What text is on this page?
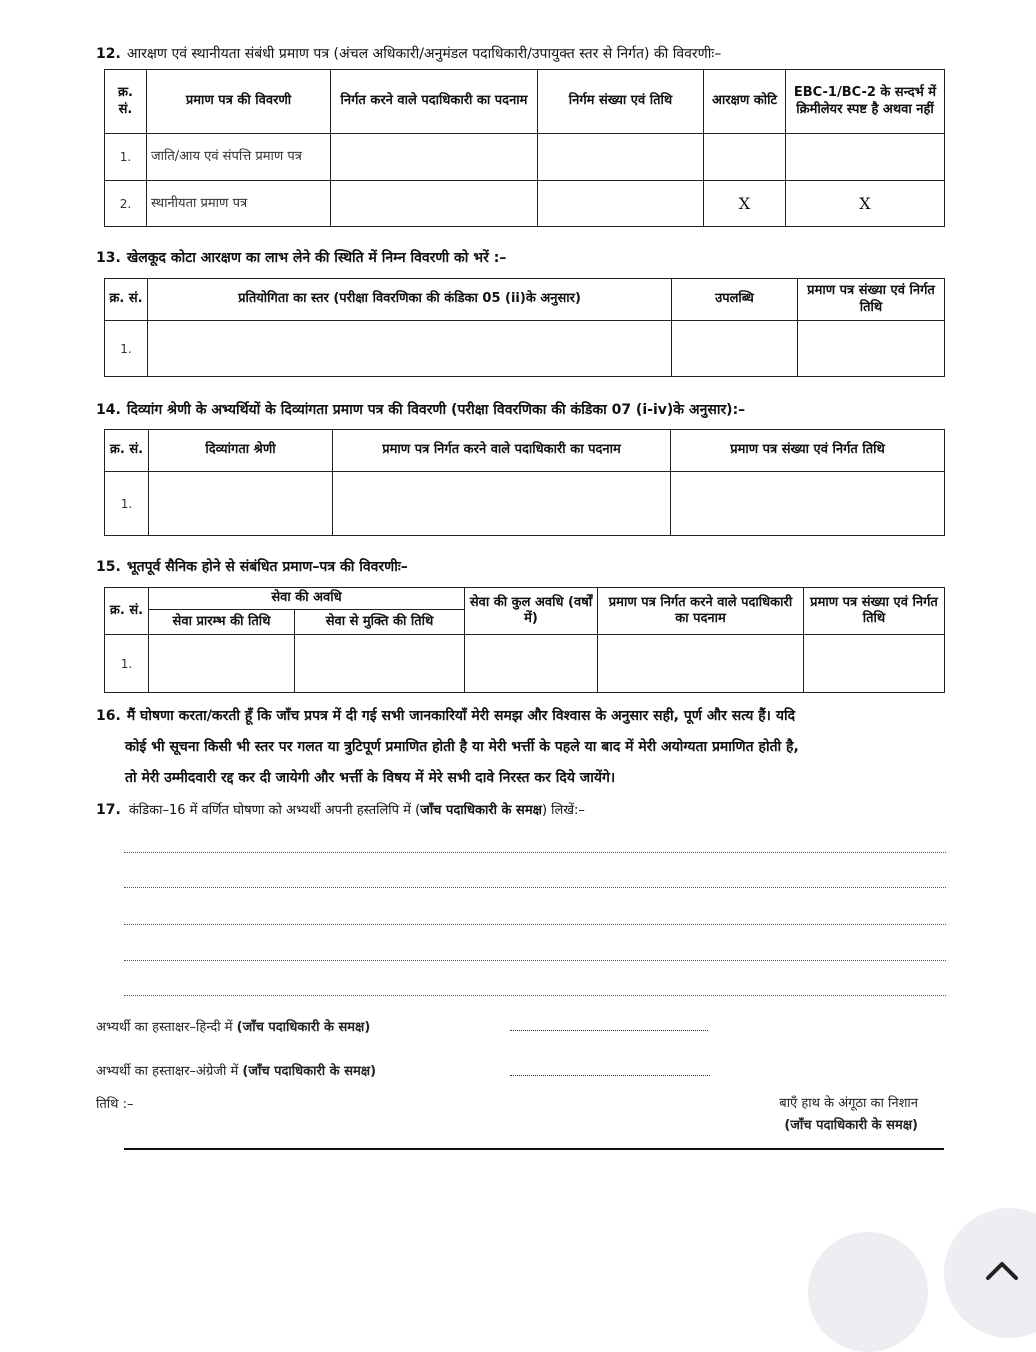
12. आरक्षण एवं स्थानीयता संबंधी प्रमाण पत्र (अंचल अधिकारी/अनुमंडल पदाधिकारी/उपायुक्त स्तर से निर्गत) की विवरणीः–
क्र. सं.	प्रमाण पत्र की विवरणी	निर्गत करने वाले पदाधिकारी का पदनाम	निर्गम संख्या एवं तिथि	आरक्षण कोटि	EBC-1/BC-2 के सन्दर्भ में क्रिमीलेयर स्पष्ट है अथवा नहीं
1.	जाति/आय एवं संपत्ति प्रमाण पत्र				
2.	स्थानीयता प्रमाण पत्र			X	X
13. खेलकूद कोटा आरक्षण का लाभ लेने की स्थिति में निम्न विवरणी को भरें :–
क्र. सं.	प्रतियोगिता का स्तर (परीक्षा विवरणिका की कंडिका 05 (ii)के अनुसार)	उपलब्धि	प्रमाण पत्र संख्या एवं निर्गत तिथि
1.			
14. दिव्यांग श्रेणी के अभ्यर्थियों के दिव्यांगता प्रमाण पत्र की विवरणी (परीक्षा विवरणिका की कंडिका 07 (i-iv)के अनुसार):–
क्र. सं.	दिव्यांगता श्रेणी	प्रमाण पत्र निर्गत करने वाले पदाधिकारी का पदनाम	प्रमाण पत्र संख्या एवं निर्गत तिथि
1.			
15. भूतपूर्व सैनिक होने से संबंधित प्रमाण–पत्र की विवरणीः–
क्र. सं.	सेवा की अवधि		सेवा की कुल अवधि (वर्षों में)	प्रमाण पत्र निर्गत करने वाले पदाधिकारी का पदनाम	प्रमाण पत्र संख्या एवं निर्गत तिथि
	सेवा प्रारम्भ की तिथि	सेवा से मुक्ति की तिथि			
1.					
16. मैं घोषणा करता/करती हूँ कि जाँच प्रपत्र में दी गई सभी जानकारियाँ मेरी समझ और विश्वास के अनुसार सही, पूर्ण और सत्य हैं। यदि
कोई भी सूचना किसी भी स्तर पर गलत या त्रुटिपूर्ण प्रमाणित होती है या मेरी भर्त्ती के पहले या बाद में मेरी अयोग्यता प्रमाणित होती है,
तो मेरी उम्मीदवारी रद्द कर दी जायेगी और भर्त्ती के विषय में मेरे सभी दावे निरस्त कर दिये जायेंगे।
17. कंडिका–16 में वर्णित घोषणा को अभ्यर्थी अपनी हस्तलिपि में (जाँच पदाधिकारी के समक्ष) लिखें:–
अभ्यर्थी का हस्ताक्षर–हिन्दी में (जाँच पदाधिकारी के समक्ष)
अभ्यर्थी का हस्ताक्षर–अंग्रेजी में (जाँच पदाधिकारी के समक्ष)
तिथि :–	बाएँ हाथ के अंगूठा का निशान
(जाँच पदाधिकारी के समक्ष)
